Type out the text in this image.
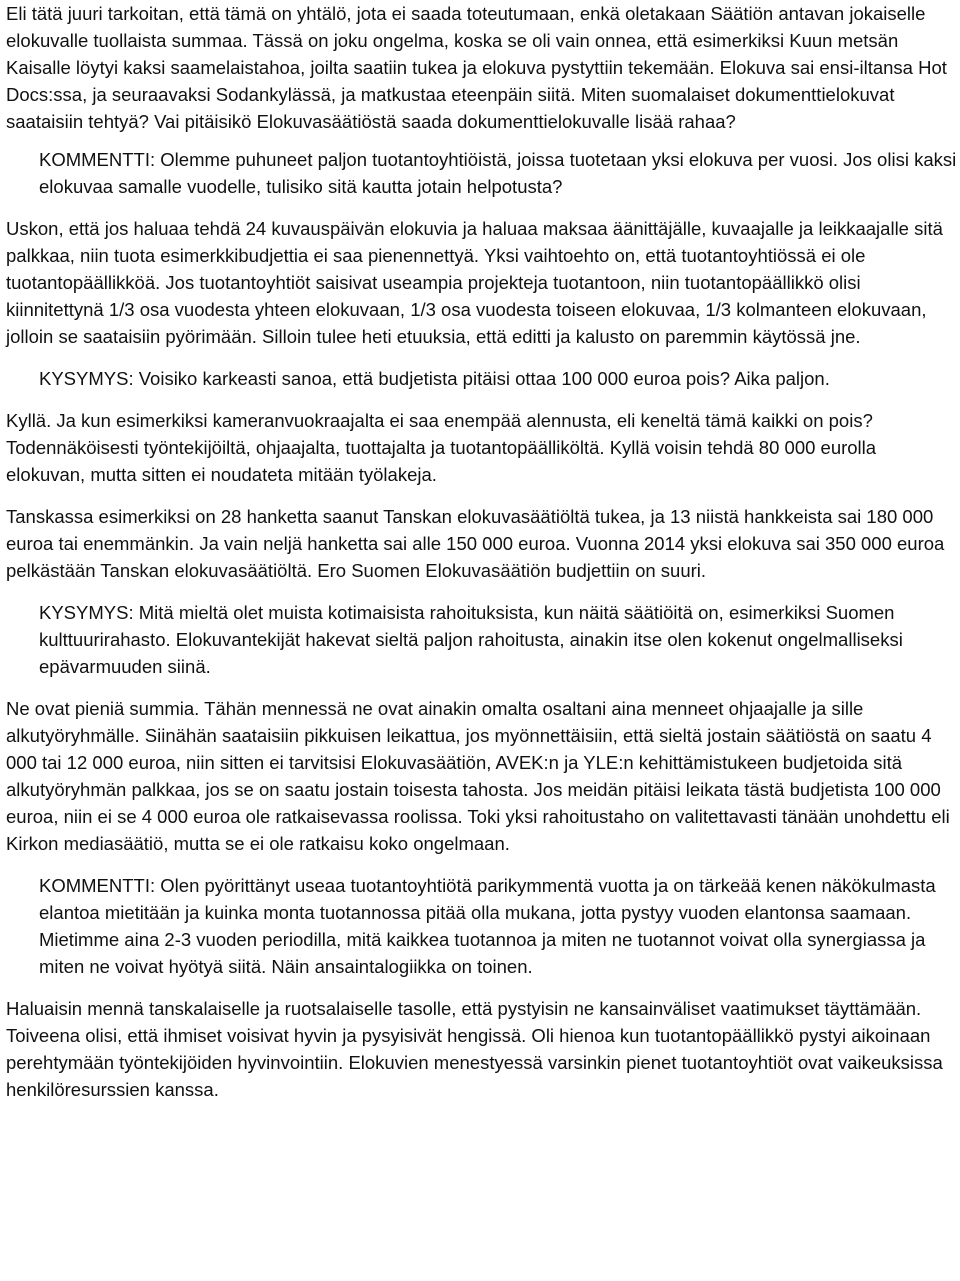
Eli tätä juuri tarkoitan, että tämä on yhtälö, jota ei saada toteutumaan, enkä oletakaan Säätiön antavan jokaiselle elokuvalle tuollaista summaa. Tässä on joku ongelma, koska se oli vain onnea, että esimerkiksi Kuun metsän Kaisalle löytyi kaksi saamelaistahoa, joilta saatiin tukea ja elokuva pystyttiin tekemään. Elokuva sai ensi-iltansa Hot Docs:ssa, ja seuraavaksi Sodankylässä, ja matkustaa eteenpäin siitä. Miten suomalaiset dokumenttielokuvat saataisiin tehtyä? Vai pitäisikö Elokuvasäätiöstä saada dokumenttielokuvalle lisää rahaa?

KOMMENTTI: Olemme puhuneet paljon tuotantoyhtiöistä, joissa tuotetaan yksi elokuva per vuosi. Jos olisi kaksi elokuvaa samalle vuodelle, tulisiko sitä kautta jotain helpotusta?

Uskon, että jos haluaa tehdä 24 kuvauspäivän elokuvia ja haluaa maksaa äänittäjälle, kuvaajalle ja leikkaajalle sitä palkkaa, niin tuota esimerkkibudjettia ei saa pienennettyä. Yksi vaihtoehto on, että tuotantoyhtiössä ei ole tuotantopäällikköä. Jos tuotantoyhtiöt saisivat useampia projekteja tuotantoon, niin tuotantopäällikkö olisi kiinnitettynä 1/3 osa vuodesta yhteen elokuvaan, 1/3 osa vuodesta toiseen elokuvaa, 1/3 kolmanteen elokuvaan, jolloin se saataisiin pyörimään. Silloin tulee heti etuuksia, että editti ja kalusto on paremmin käytössä jne.

KYSYMYS: Voisiko karkeasti sanoa, että budjetista pitäisi ottaa 100 000 euroa pois? Aika paljon.

Kyllä. Ja kun esimerkiksi kameranvuokraajalta ei saa enempää alennusta, eli keneltä tämä kaikki on pois? Todennäköisesti työntekijöiltä, ohjaajalta, tuottajalta ja tuotantopäälliköltä. Kyllä voisin tehdä 80 000 eurolla elokuvan, mutta sitten ei noudateta mitään työlakeja.

Tanskassa esimerkiksi on 28 hanketta saanut Tanskan elokuvasäätiöltä tukea, ja 13 niistä hankkeista sai 180 000 euroa tai enemmänkin. Ja vain neljä hanketta sai alle 150 000 euroa. Vuonna 2014 yksi elokuva sai 350 000 euroa pelkästään Tanskan elokuvasäätiöltä. Ero Suomen Elokuvasäätiön budjettiin on suuri.

KYSYMYS: Mitä mieltä olet muista kotimaisista rahoituksista, kun näitä säätiöitä on, esimerkiksi Suomen kulttuurirahasto. Elokuvantekijät hakevat sieltä paljon rahoitusta, ainakin itse olen kokenut ongelmalliseksi epävarmuuden siinä.

Ne ovat pieniä summia. Tähän mennessä ne ovat ainakin omalta osaltani aina menneet ohjaajalle ja sille alkutyöryhmälle. Siinähän saataisiin pikkuisen leikattua, jos myönnettäisiin, että sieltä jostain säätiöstä on saatu 4 000 tai 12 000 euroa, niin sitten ei tarvitsisi Elokuvasäätiön, AVEK:n ja YLE:n kehittämistukeen budjetoida sitä alkutyöryhmän palkkaa, jos se on saatu jostain toisesta tahosta. Jos meidän pitäisi leikata tästä budjetista 100 000 euroa, niin ei se 4 000 euroa ole ratkaisevassa roolissa. Toki yksi rahoitustaho on valitettavasti tänään unohdettu eli Kirkon mediasäätiö, mutta se ei ole ratkaisu koko ongelmaan.

KOMMENTTI: Olen pyörittänyt useaa tuotantoyhtiötä parikymmentä vuotta ja on tärkeää kenen näkökulmasta elantoa mietitään ja kuinka monta tuotannossa pitää olla mukana, jotta pystyy vuoden elantonsa saamaan. Mietimme aina 2-3 vuoden periodilla, mitä kaikkea tuotannoa ja miten ne tuotannot voivat olla synergiassa ja miten ne voivat hyötyä siitä. Näin ansaintalogiikka on toinen.

Haluaisin mennä tanskalaiselle ja ruotsalaiselle tasolle, että pystyisin ne kansainväliset vaatimukset täyttämään. Toiveena olisi, että ihmiset voisivat hyvin ja pysyisivät hengissä. Oli hienoa kun tuotantopäällikkö pystyi aikoinaan perehtymään työntekijöiden hyvinvointiin. Elokuvien menestyessä varsinkin pienet tuotantoyhtiöt ovat vaikeuksissa henkilöresurssien kanssa.
